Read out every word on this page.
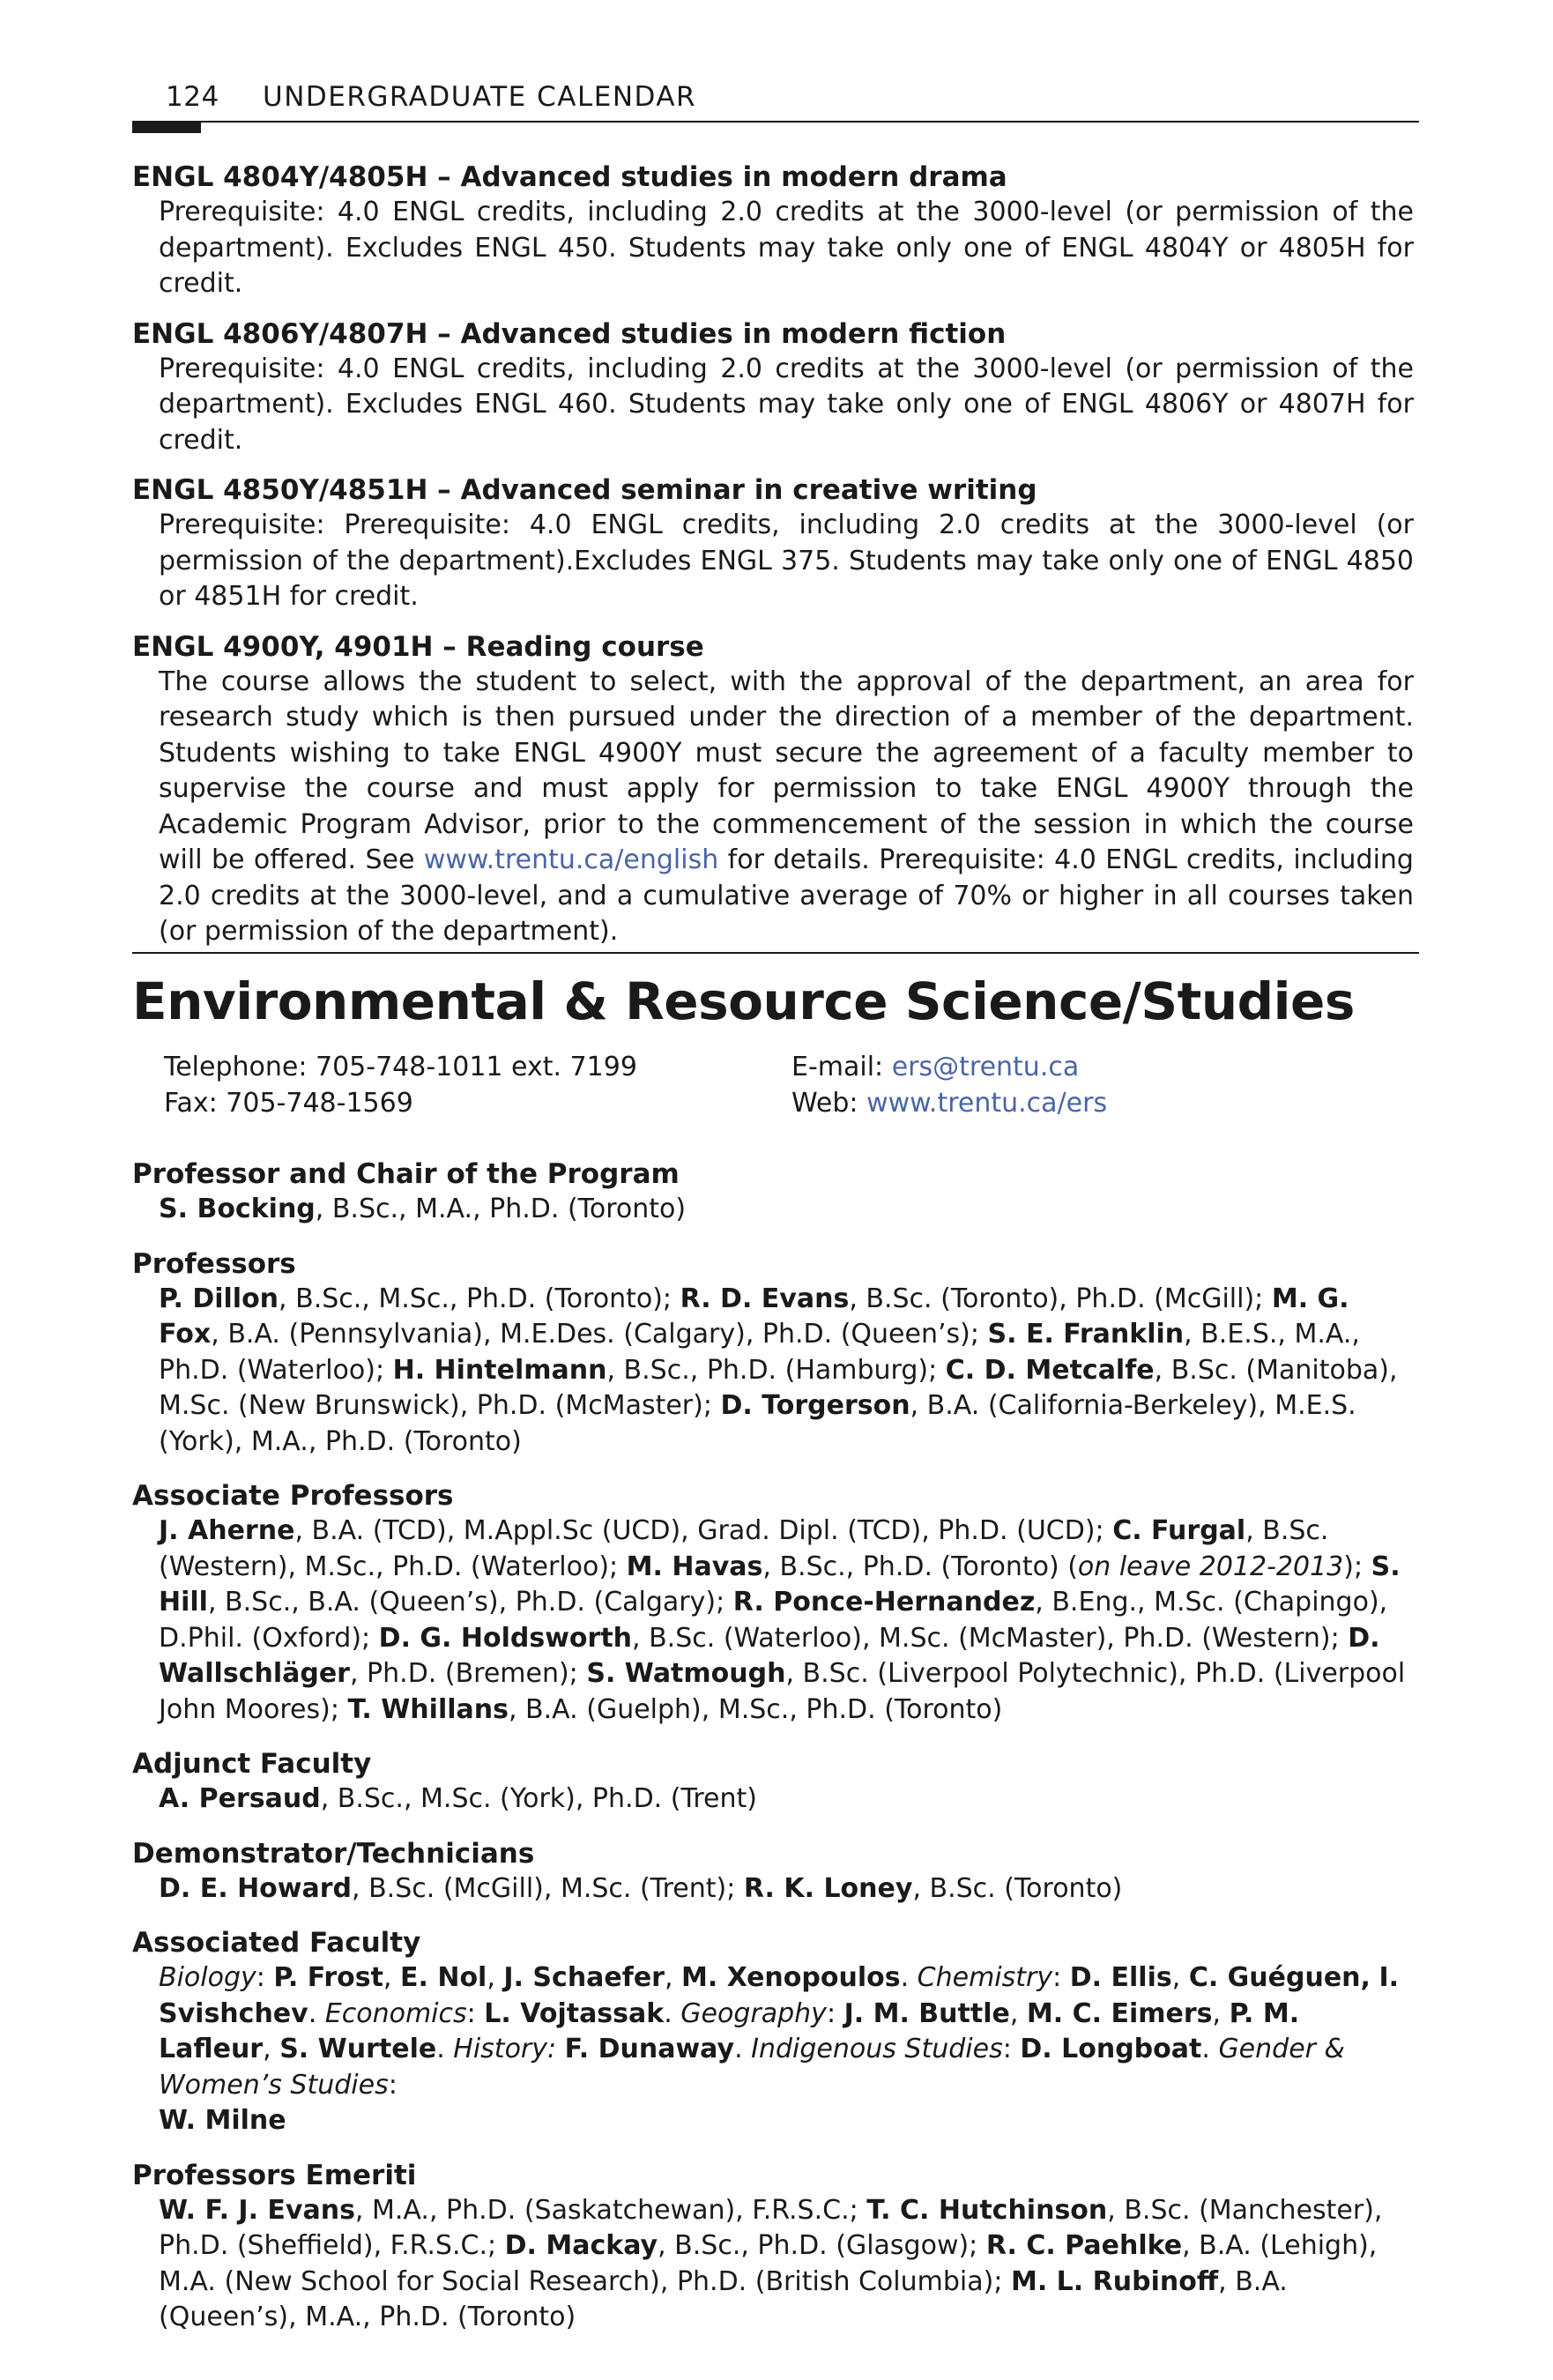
124 UNDERGRADUATE CALENDAR
ENGL 4804Y/4805H – Advanced studies in modern drama
Prerequisite: 4.0 ENGL credits, including 2.0 credits at the 3000-level (or permission of the department). Excludes ENGL 450. Students may take only one of ENGL 4804Y or 4805H for credit.
ENGL 4806Y/4807H – Advanced studies in modern fiction
Prerequisite: 4.0 ENGL credits, including 2.0 credits at the 3000-level (or permission of the department). Excludes ENGL 460. Students may take only one of ENGL 4806Y or 4807H for credit.
ENGL 4850Y/4851H – Advanced seminar in creative writing
Prerequisite: Prerequisite: 4.0 ENGL credits, including 2.0 credits at the 3000-level (or permission of the department).Excludes ENGL 375. Students may take only one of ENGL 4850 or 4851H for credit.
ENGL 4900Y, 4901H – Reading course
The course allows the student to select, with the approval of the department, an area for research study which is then pursued under the direction of a member of the department. Students wishing to take ENGL 4900Y must secure the agreement of a faculty member to supervise the course and must apply for permission to take ENGL 4900Y through the Academic Program Advisor, prior to the commencement of the session in which the course will be offered. See www.trentu.ca/english for details. Prerequisite: 4.0 ENGL credits, including 2.0 credits at the 3000-level, and a cumulative average of 70% or higher in all courses taken (or permission of the department).
Environmental & Resource Science/Studies
Telephone: 705-748-1011 ext. 7199
Fax: 705-748-1569
E-mail: ers@trentu.ca
Web: www.trentu.ca/ers
Professor and Chair of the Program
S. Bocking, B.Sc., M.A., Ph.D. (Toronto)
Professors
P. Dillon, B.Sc., M.Sc., Ph.D. (Toronto); R. D. Evans, B.Sc. (Toronto), Ph.D. (McGill); M. G. Fox, B.A. (Pennsylvania), M.E.Des. (Calgary), Ph.D. (Queen’s); S. E. Franklin, B.E.S., M.A., Ph.D. (Waterloo); H. Hintelmann, B.Sc., Ph.D. (Hamburg); C. D. Metcalfe, B.Sc. (Manitoba), M.Sc. (New Brunswick), Ph.D. (McMaster); D. Torgerson, B.A. (California-Berkeley), M.E.S. (York), M.A., Ph.D. (Toronto)
Associate Professors
J. Aherne, B.A. (TCD), M.Appl.Sc (UCD), Grad. Dipl. (TCD), Ph.D. (UCD); C. Furgal, B.Sc. (Western), M.Sc., Ph.D. (Waterloo); M. Havas, B.Sc., Ph.D. (Toronto) (on leave 2012-2013); S. Hill, B.Sc., B.A. (Queen’s), Ph.D. (Calgary); R. Ponce-Hernandez, B.Eng., M.Sc. (Chapingo), D.Phil. (Oxford); D. G. Holdsworth, B.Sc. (Waterloo), M.Sc. (McMaster), Ph.D. (Western); D. Wallschläger, Ph.D. (Bremen); S. Watmough, B.Sc. (Liverpool Polytechnic), Ph.D. (Liverpool John Moores); T. Whillans, B.A. (Guelph), M.Sc., Ph.D. (Toronto)
Adjunct Faculty
A. Persaud, B.Sc., M.Sc. (York), Ph.D. (Trent)
Demonstrator/Technicians
D. E. Howard, B.Sc. (McGill), M.Sc. (Trent); R. K. Loney, B.Sc. (Toronto)
Associated Faculty
Biology: P. Frost, E. Nol, J. Schaefer, M. Xenopoulos. Chemistry: D. Ellis, C. Guéguen, I. Svishchev. Economics: L. Vojtassak. Geography: J. M. Buttle, M. C. Eimers, P. M. Lafleur, S. Wurtele. History: F. Dunaway. Indigenous Studies: D. Longboat. Gender & Women’s Studies:
W. Milne
Professors Emeriti
W. F. J. Evans, M.A., Ph.D. (Saskatchewan), F.R.S.C.; T. C. Hutchinson, B.Sc. (Manchester), Ph.D. (Sheffield), F.R.S.C.; D. Mackay, B.Sc., Ph.D. (Glasgow); R. C. Paehlke, B.A. (Lehigh), M.A. (New School for Social Research), Ph.D. (British Columbia); M. L. Rubinoff, B.A. (Queen’s), M.A., Ph.D. (Toronto)
